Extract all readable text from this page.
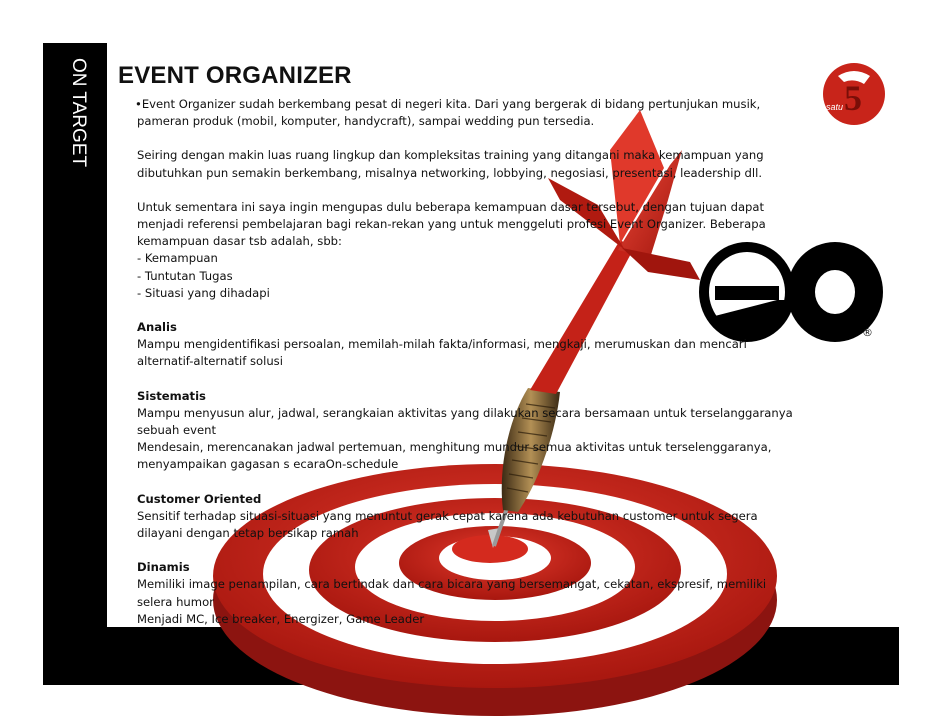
ON TARGET EVENT ORGANIZER
5
satu
eo
®

•Event Organizer sudah berkembang pesat di negeri kita. Dari yang bergerak di bidang pertunjukan musik,

pameran produk (mobil, komputer, handycraft), sampai wedding pun tersedia.

Seiring dengan makin luas ruang lingkup dan kompleksitas training yang ditangani maka kemampuan yang

dibutuhkan pun semakin berkembang, misalnya networking, lobbying, negosiasi, presentasi, leadership dll.

Untuk sementara ini saya ingin mengupas dulu beberapa kemampuan dasar tersebut, dengan tujuan dapat

menjadi referensi pembelajaran bagi rekan-rekan yang untuk menggeluti profesi Event Organizer. Beberapa

kemampuan dasar tsb adalah, sbb:

- Kemampuan

- Tuntutan Tugas

- Situasi yang dihadapi

Analis

Mampu mengidentifikasi persoalan, memilah-milah fakta/informasi, mengkaji, merumuskan dan mencari

alternatif-alternatif solusi

Sistematis

Mampu menyusun alur, jadwal, serangkaian aktivitas yang dilakukan secara bersamaan untuk terselanggaranya

sebuah event

Mendesain, merencanakan jadwal pertemuan, menghitung mundur semua aktivitas untuk terselenggaranya,

menyampaikan gagasan s ecaraOn-schedule

Customer Oriented

Sensitif terhadap situasi-situasi yang menuntut gerak cepat karena ada kebutuhan customer untuk segera

dilayani dengan tetap bersikap ramah

Dinamis

Memiliki image penampilan, cara bertindak dan cara bicara yang bersemangat, cekatan, ekspresif, memiliki

selera humor

Menjadi MC, Ice breaker, Energizer, Game Leader
